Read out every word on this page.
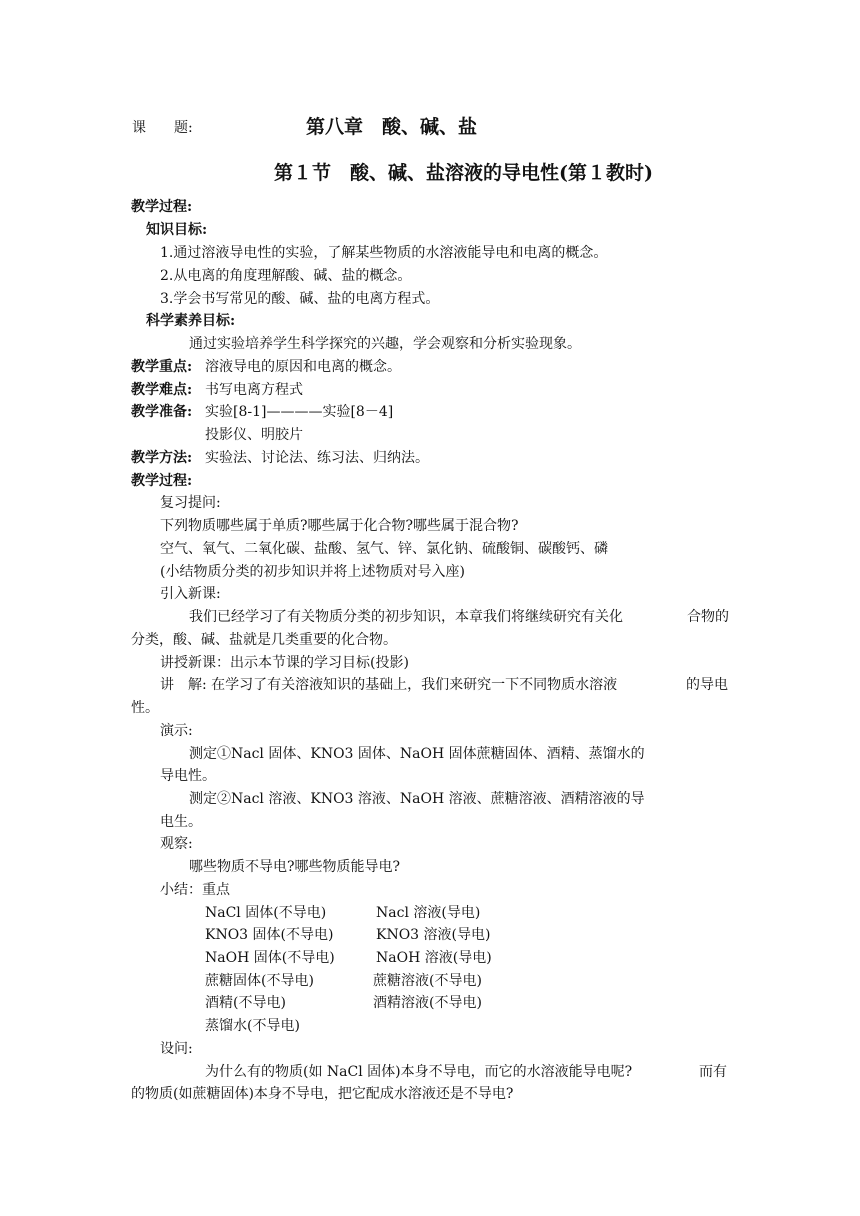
课　　题:	第八章　酸、碱、盐
第１节　酸、碱、盐溶液的导电性(第１教时)
教学过程:
知识目标:
1.通过溶液导电性的实验，了解某些物质的水溶液能导电和电离的概念。
2.从电离的角度理解酸、碱、盐的概念。
3.学会书写常见的酸、碱、盐的电离方程式。
科学素养目标:
通过实验培养学生科学探究的兴趣，学会观察和分析实验现象。
教学重点: 溶液导电的原因和电离的概念。
教学难点: 书写电离方程式
教学准备: 实验[8-1]————实验[8－4]
投影仪、明胶片
教学方法: 实验法、讨论法、练习法、归纳法。
教学过程:
复习提问:
下列物质哪些属于单质?哪些属于化合物?哪些属于混合物?
空气、氧气、二氧化碳、盐酸、氢气、锌、氯化钠、硫酸铜、碳酸钙、磷
(小结物质分类的初步知识并将上述物质对号入座)
引入新课:
我们已经学习了有关物质分类的初步知识，本章我们将继续研究有关化	合物的
分类，酸、碱、盐就是几类重要的化合物。
讲授新课：出示本节课的学习目标(投影)
讲　解: 在学习了有关溶液知识的基础上，我们来研究一下不同物质水溶液	的导电
性。
演示:
测定①Nacl 固体、KNO3 固体、NaOH 固体蔗糖固体、酒精、蒸馏水的
导电性。
测定②Nacl 溶液、KNO3 溶液、NaOH 溶液、蔗糖溶液、酒精溶液的导
电生。
观察:
哪些物质不导电?哪些物质能导电?
小结：重点
NaCl 固体(不导电)	Nacl 溶液(导电)
KNO3 固体(不导电)	KNO3 溶液(导电)
NaOH 固体(不导电)	NaOH 溶液(导电)
蔗糖固体(不导电)	蔗糖溶液(不导电)
酒精(不导电)	酒精溶液(不导电)
蒸馏水(不导电)
设问:
为什么有的物质(如 NaCl 固体)本身不导电，而它的水溶液能导电呢?	而有
的物质(如蔗糖固体)本身不导电，把它配成水溶液还是不导电?
